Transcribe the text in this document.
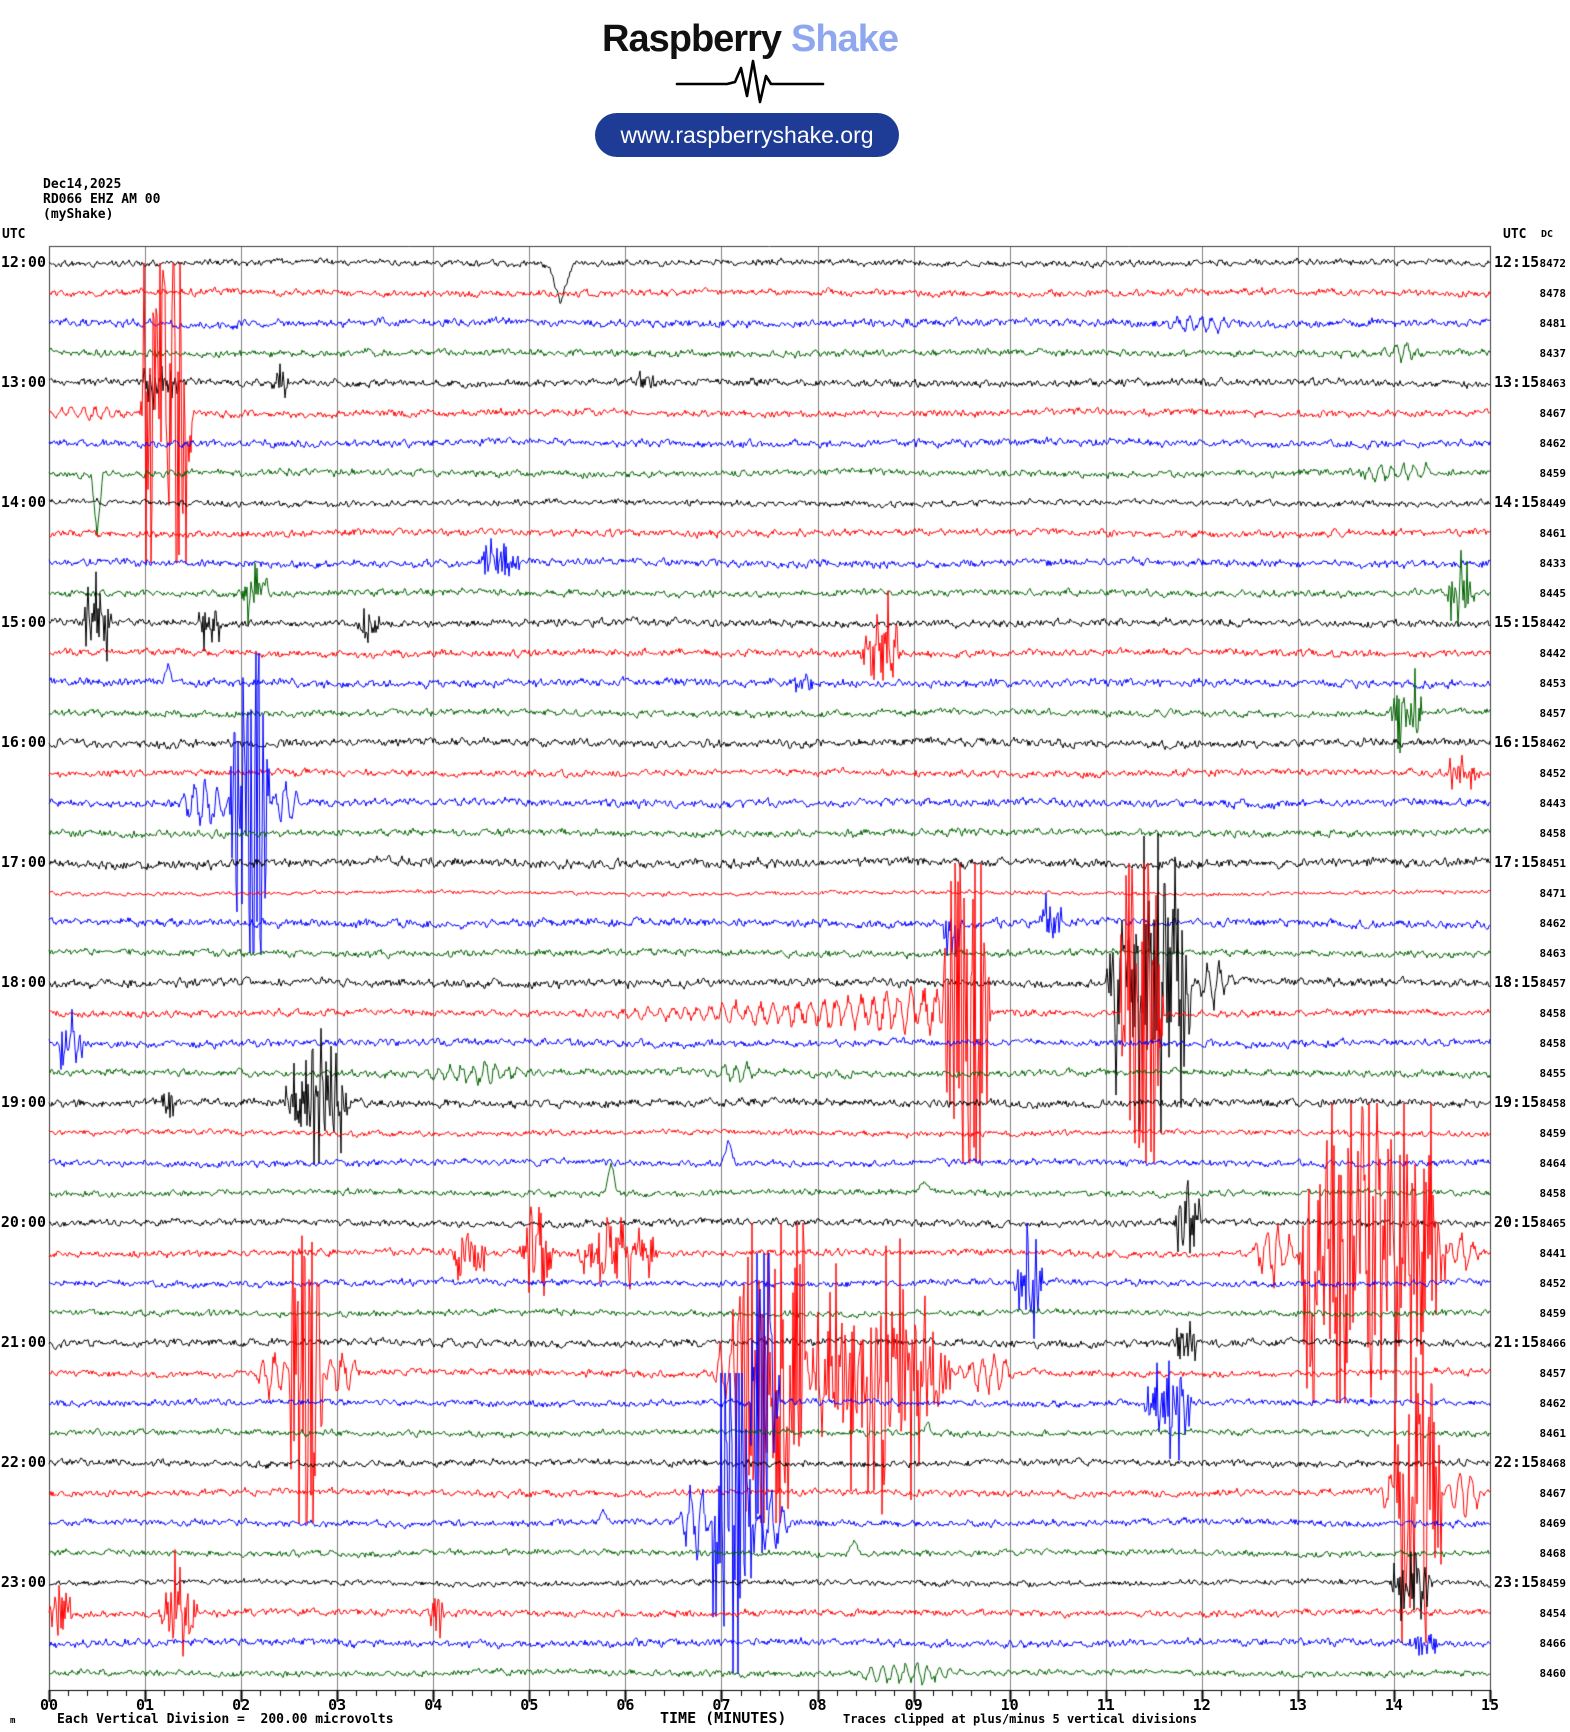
12:00	12:15 8472
8478
8481
8437
13:00	13:15 8463
8467
8462
8459
14:00	14:15 8449
8461
8433
8445
15:00	15:15 8442
8442
8453
8457
16:00	16:15 8462
8452
8443
8458
17:00	17:15 8451
8471
8462
8463
18:00	18:15 8457
8458
8458
8455
19:00	19:15 8458
8459
8464
8458
20:00	20:15 8465
8441
8452
8459
21:00	21:15 8466
8457
8462
8461
22:00	22:15 8468
8467
8469
8468
23:00	23:15 8459
8454
8466
8460
00	01	02	03	04	05	06	07	08	09	10	11	12	13	14	15
m	Each Vertical Division =  200.00 microvolts	TIME (MINUTES)	Traces clipped at plus/minus 5 vertical divisions
